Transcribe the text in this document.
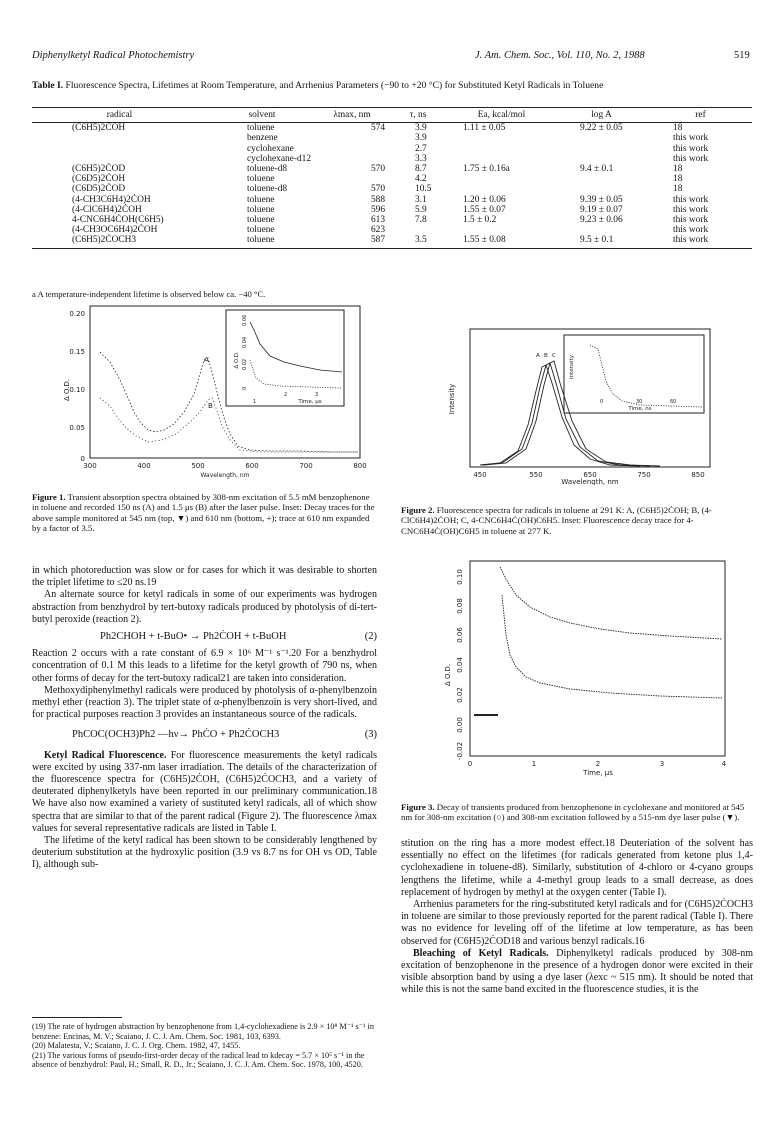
Diphenylketyl Radical Photochemistry	J. Am. Chem. Soc., Vol. 110, No. 2, 1988	519
Table I. Fluorescence Spectra, Lifetimes at Room Temperature, and Arrhenius Parameters (−90 to +20 °C) for Substituted Ketyl Radicals in Toluene
radical	solvent	λmax, nm	τ, ns	Ea, kcal/mol	log A	ref
(C6H5)2ĊOH	toluene	574	3.9	1.11 ± 0.05	9.22 ± 0.05	18
	benzene		3.9			this work
	cyclohexane		2.7			this work
	cyclohexane-d12		3.3			this work
(C6H5)2ĊOD	toluene-d8	570	8.7	1.75 ± 0.16a	9.4 ± 0.1	18
(C6D5)2ĊOH	toluene		4.2			18
(C6D5)2ĊOD	toluene-d8	570	10.5			18
(4-CH3C6H4)2ĊOH	toluene	588	3.1	1.20 ± 0.06	9.39 ± 0.05	this work
(4-ClC6H4)2ĊOH	toluene	596	5.9	1.55 ± 0.07	9.19 ± 0.07	this work
4-CNC6H4ĊOH(C6H5)	toluene	613	7.8	1.5 ± 0.2	9.23 ± 0.06	this work
(4-CH3OC6H4)2ĊOH	toluene	623				this work
(C6H5)2ĊOCH3	toluene	587	3.5	1.55 ± 0.08	9.5 ± 0.1	this work
a A temperature-independent lifetime is observed below ca. −40 °C.
0.20
0.15
0.10
0.05
0
300	400	500	600	700	800
Wavelength, nm
Δ O.D.
A
B
Δ O.D.
Time, μs
1
2	3
0.06
0.04
0.02
0
Figure 1. Transient absorption spectra obtained by 308-nm excitation of 5.5 mM benzophenone in toluene and recorded 150 ns (A) and 1.5 μs (B) after the laser pulse. Inset: Decay traces for the above sample monitored at 545 nm (top, ▼) and 610 nm (bottom, +); trace at 610 nm expanded by a factor of 3.5.
Intensity
450	550	650	750	850
Wavelength, nm
A B C Intensity
0	30	60
Time, ns
Figure 2. Fluorescence spectra for radicals in toluene at 291 K: A, (C6H5)2ĊOH; B, (4-ClC6H4)2ĊOH; C, 4-CNC6H4Ċ(OH)C6H5. Inset: Fluorescence decay trace for 4-CNC6H4Ċ(OH)C6H5 in toluene at 277 K.
0.10
0.08
0.06
0.04
0.02
0.00
-0.02
Δ O.D.
0	1	2	3	4
Time, μs
Figure 3. Decay of transients produced from benzophenone in cyclohexane and monitored at 545 nm for 308-nm excitation (○) and 308-nm excitation followed by a 515-nm dye laser pulse (▼).

in which photoreduction was slow or for cases for which it was desirable to shorten the triplet lifetime to ≤20 ns.19

An alternate source for ketyl radicals in some of our experiments was hydrogen abstraction from benzhydrol by tert-butoxy radicals produced by photolysis of di-tert-butyl peroxide (reaction 2).

Ph2CHOH + t-BuO• → Ph2ĊOH + t-BuOH	(2)

Reaction 2 occurs with a rate constant of 6.9 × 10⁶ M⁻¹ s⁻¹.20 For a benzhydrol concentration of 0.1 M this leads to a lifetime for the ketyl growth of 790 ns, when other forms of decay for the tert-butoxy radical21 are taken into consideration.

Methoxydiphenylmethyl radicals were produced by photolysis of α-phenylbenzoin methyl ether (reaction 3). The triplet state of α-phenylbenzoin is very short-lived, and for practical purposes reaction 3 provides an instantaneous source of the radicals.

PhCOC(OCH3)Ph2 —hν→ PhĊO + Ph2ĊOCH3	(3)

Ketyl Radical Fluorescence. For fluorescence measurements the ketyl radicals were excited by using 337-nm laser irradiation. The details of the characterization of the fluorescence spectra for (C6H5)2ĊOH, (C6H5)2ĊOCH3, and a variety of deuterated diphenylketyls have been reported in our preliminary communication.18 We have also now examined a variety of sustituted ketyl radicals, all of which show spectra that are similar to that of the parent radical (Figure 2). The fluorescence λmax values for several representative radicals are listed in Table I.

The lifetime of the ketyl radical has been shown to be considerably lengthened by deuterium substitution at the hydroxylic position (3.9 vs 8.7 ns for OH vs OD, Table I), although sub-

(19) The rate of hydrogen abstraction by benzophenone from 1,4-cyclohexadiene is 2.9 × 10⁸ M⁻¹ s⁻¹ in benzene: Encinas, M. V.; Scaiano, J. C. J. Am. Chem. Soc. 1981, 103, 6393.
(20) Malatesta, V.; Scaiano, J. C. J. Org. Chem. 1982, 47, 1455.
(21) The various forms of pseudo-first-order decay of the radical lead to kdecay = 5.7 × 10⁵ s⁻¹ in the absence of benzhydrol: Paul, H.; Small, R. D., Jr.; Scaiano, J. C. J. Am. Chem. Soc. 1978, 100, 4520.

stitution on the ring has a more modest effect.18 Deuteriation of the solvent has essentially no effect on the lifetimes (for radicals generated from ketone plus 1,4-cyclohexadiene in toluene-d8). Similarly, substitution of 4-chloro or 4-cyano groups lengthens the lifetime, while a 4-methyl group leads to a small decrease, as does replacement of hydrogen by methyl at the oxygen center (Table I).

Arrhenius parameters for the ring-substituted ketyl radicals and for (C6H5)2ĊOCH3 in toluene are similar to those previously reported for the parent radical (Table I). There was no evidence for leveling off of the lifetime at low temperature, as has been observed for (C6H5)2ĊOD18 and various benzyl radicals.16

Bleaching of Ketyl Radicals. Diphenylketyl radicals produced by 308-nm excitation of benzophenone in the presence of a hydrogen donor were excited in their visible absorption band by using a dye laser (λexc ~ 515 nm). It should be noted that while this is not the same band excited in the fluorescence studies, it is the
